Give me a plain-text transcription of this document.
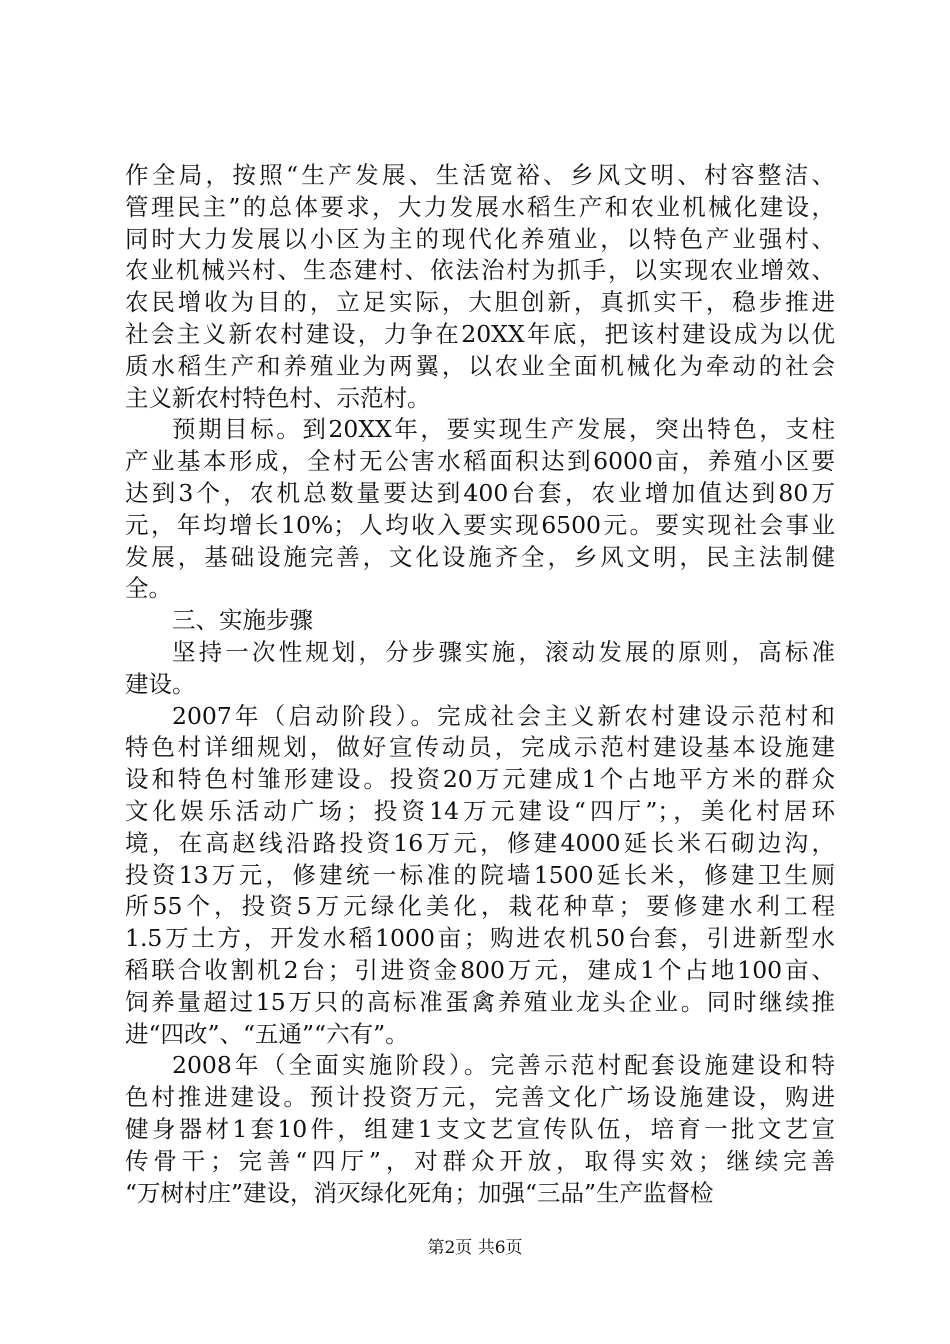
作全局，按照“生产发展、生活宽裕、乡风文明、村容整洁、
管理民主”的总体要求，大力发展水稻生产和农业机械化建设，
同时大力发展以小区为主的现代化养殖业，以特色产业强村、
农业机械兴村、生态建村、依法治村为抓手，以实现农业增效、
农民增收为目的，立足实际，大胆创新，真抓实干，稳步推进
社会主义新农村建设，力争在20XX年底，把该村建设成为以优
质水稻生产和养殖业为两翼，以农业全面机械化为牵动的社会
主义新农村特色村、示范村。
预期目标。到20XX年，要实现生产发展，突出特色，支柱
产业基本形成，全村无公害水稻面积达到6000亩，养殖小区要
达到3个，农机总数量要达到400台套，农业增加值达到80万
元，年均增长10%；人均收入要实现6500元。要实现社会事业
发展，基础设施完善，文化设施齐全，乡风文明，民主法制健
全。
三、实施步骤
坚持一次性规划，分步骤实施，滚动发展的原则，高标准
建设。
2007年（启动阶段）。完成社会主义新农村建设示范村和
特色村详细规划，做好宣传动员，完成示范村建设基本设施建
设和特色村雏形建设。投资20万元建成1个占地平方米的群众
文化娱乐活动广场；投资14万元建设“四厅”；，美化村居环
境，在高赵线沿路投资16万元，修建4000延长米石砌边沟，
投资13万元，修建统一标准的院墙1500延长米，修建卫生厕
所55个，投资5万元绿化美化，栽花种草；要修建水利工程
1.5万土方，开发水稻1000亩；购进农机50台套，引进新型水
稻联合收割机2台；引进资金800万元，建成1个占地100亩、
饲养量超过15万只的高标准蛋禽养殖业龙头企业。同时继续推
进“四改”、“五通”“六有”。
2008年（全面实施阶段）。完善示范村配套设施建设和特
色村推进建设。预计投资万元，完善文化广场设施建设，购进
健身器材1套10件，组建1支文艺宣传队伍，培育一批文艺宣
传骨干；完善“四厅”，对群众开放，取得实效；继续完善
“万树村庄”建设，消灭绿化死角；加强“三品”生产监督检
第2页 共6页
